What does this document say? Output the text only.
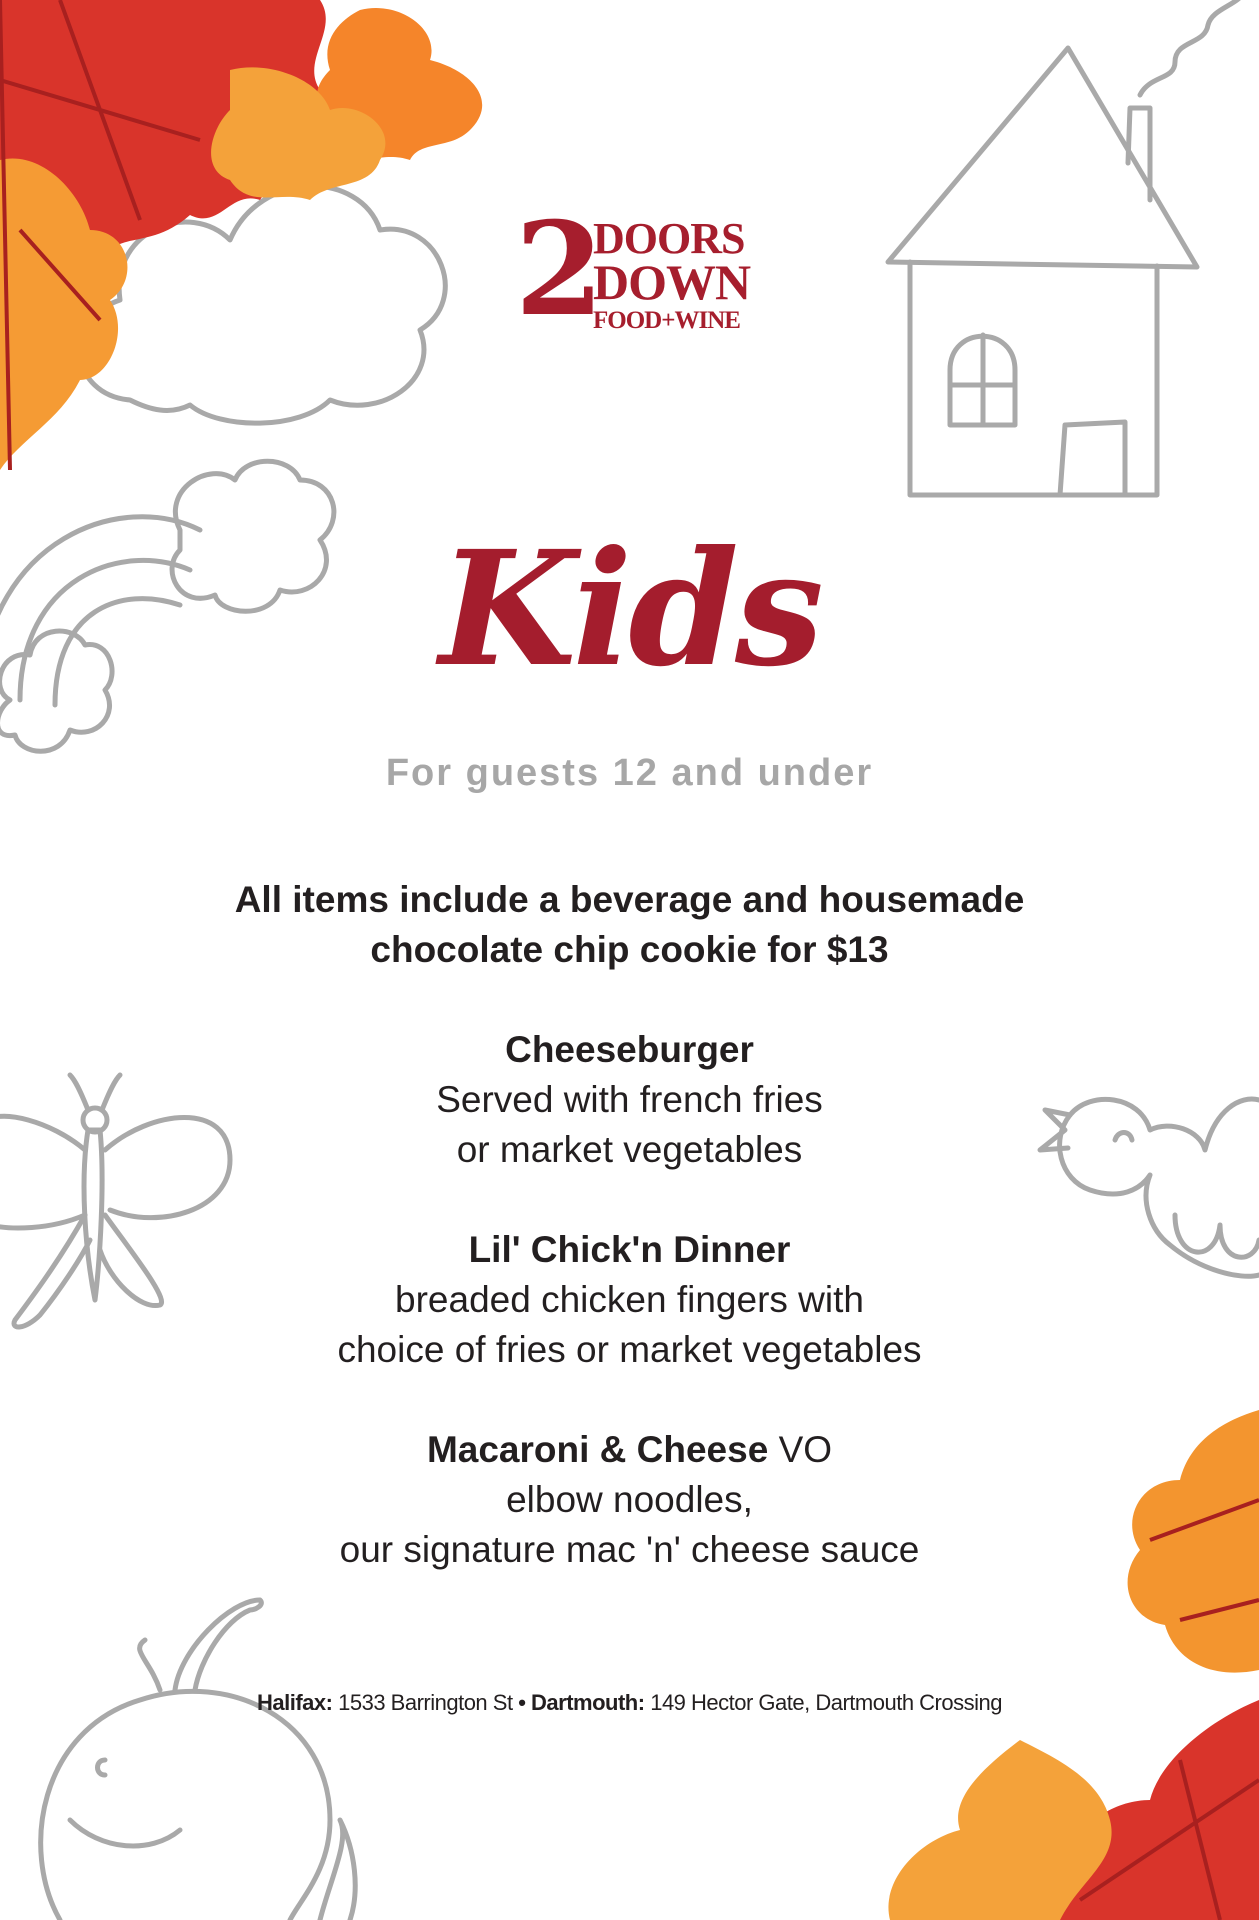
2
DOORS
DOWN
FOOD+WINE
Kids
For guests 12 and under
All items include a beverage and housemade
chocolate chip cookie for $13
Cheeseburger
Served with french fries
or market vegetables
Lil' Chick'n Dinner
breaded chicken fingers with
choice of fries or market vegetables
Macaroni & Cheese VO
elbow noodles,
our signature mac 'n' cheese sauce
Halifax: 1533 Barrington St • Dartmouth: 149 Hector Gate, Dartmouth Crossing
